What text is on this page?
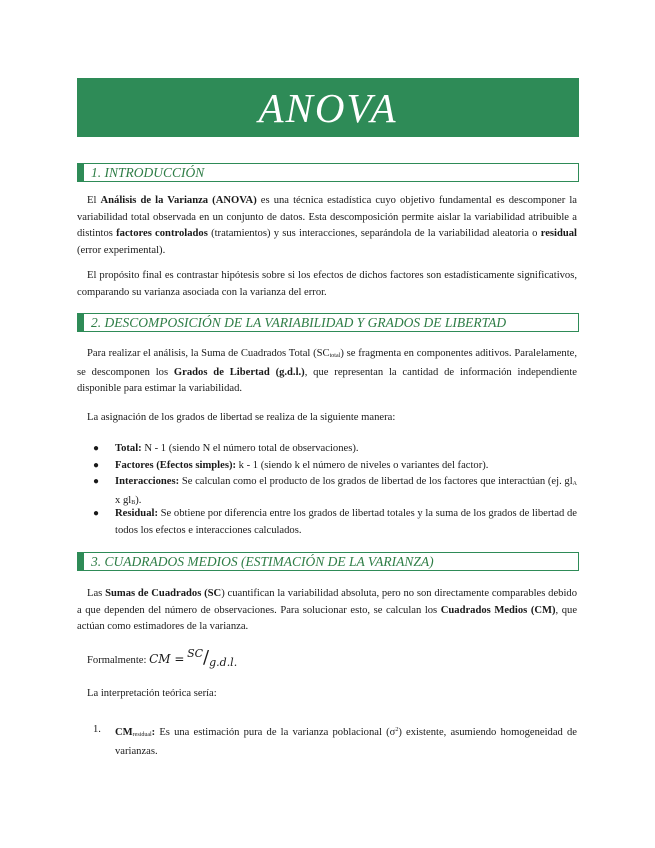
ANOVA
1. INTRODUCCIÓN
El Análisis de la Varianza (ANOVA) es una técnica estadística cuyo objetivo fundamental es descomponer la variabilidad total observada en un conjunto de datos. Esta descomposición permite aislar la variabilidad atribuible a distintos factores controlados (tratamientos) y sus interacciones, separándola de la variabilidad aleatoria o residual (error experimental).
El propósito final es contrastar hipótesis sobre si los efectos de dichos factores son estadísticamente significativos, comparando su varianza asociada con la varianza del error.
2. DESCOMPOSICIÓN DE LA VARIABILIDAD Y GRADOS DE LIBERTAD
Para realizar el análisis, la Suma de Cuadrados Total (SCtotal) se fragmenta en componentes aditivos. Paralelamente, se descomponen los Grados de Libertad (g.d.l.), que representan la cantidad de información independiente disponible para estimar la variabilidad.
La asignación de los grados de libertad se realiza de la siguiente manera:
● Total: N - 1 (siendo N el número total de observaciones).
● Factores (Efectos simples): k - 1 (siendo k el número de niveles o variantes del factor).
● Interacciones: Se calculan como el producto de los grados de libertad de los factores que interactúan (ej. glA x glB).
● Residual: Se obtiene por diferencia entre los grados de libertad totales y la suma de los grados de libertad de todos los efectos e interacciones calculados.
3. CUADRADOS MEDIOS (ESTIMACIÓN DE LA VARIANZA)
Las Sumas de Cuadrados (SC) cuantifican la variabilidad absoluta, pero no son directamente comparables debido a que dependen del número de observaciones. Para solucionar esto, se calculan los Cuadrados Medios (CM), que actúan como estimadores de la varianza.
Formalmente: CM = SC/g.d.l.
La interpretación teórica sería:
1. CMresidual: Es una estimación pura de la varianza poblacional $(\sigma^2)$ existente, asumiendo homogeneidad de varianzas.
